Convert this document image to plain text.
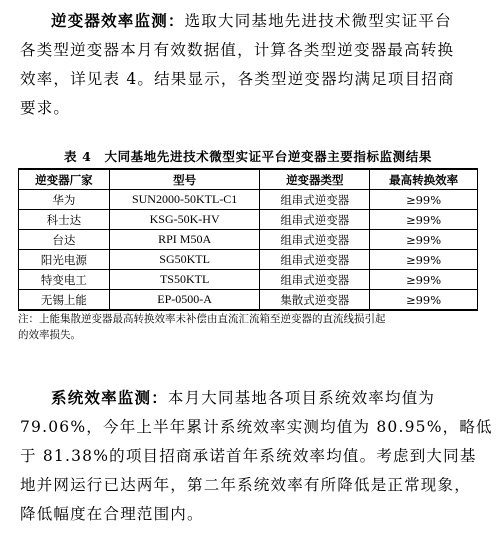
逆变器效率监测：选取大同基地先进技术微型实证平台
各类型逆变器本月有效数据值，计算各类型逆变器最高转换
效率，详见表 4。结果显示，各类型逆变器均满足项目招商
要求。

表 4　大同基地先进技术微型实证平台逆变器主要指标监测结果
逆变器厂家	型号	逆变器类型	最高转换效率
华为	SUN2000-50KTL-C1	组串式逆变器	≥99%
科士达	KSG-50K-HV	组串式逆变器	≥99%
台达	RPI M50A	组串式逆变器	≥99%
阳光电源	SG50KTL	组串式逆变器	≥99%
特变电工	TS50KTL	组串式逆变器	≥99%
无锡上能	EP-0500-A	集散式逆变器	≥99%

注：上能集散逆变器最高转换效率未补偿由直流汇流箱至逆变器的直流线损引起
的效率损失。

系统效率监测：本月大同基地各项目系统效率均值为
79.06%，今年上半年累计系统效率实测均值为 80.95%，略低
于 81.38%的项目招商承诺首年系统效率均值。考虑到大同基
地并网运行已达两年，第二年系统效率有所降低是正常现象，
降低幅度在合理范围内。
